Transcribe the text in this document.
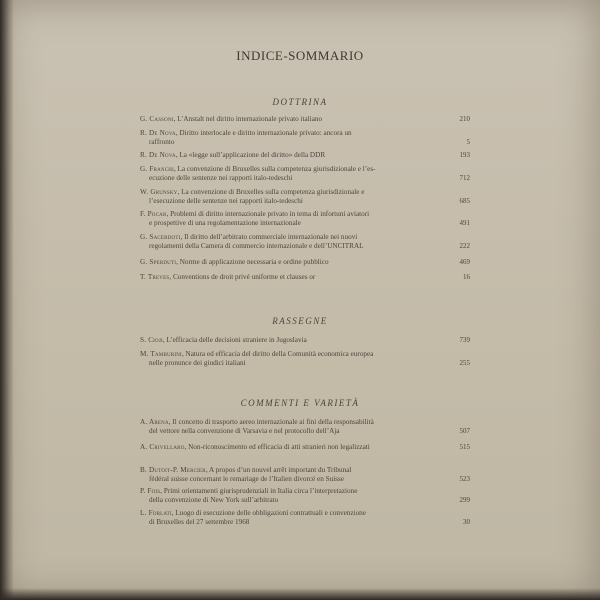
INDICE-SOMMARIO
DOTTRINA
G. Cassoni, L’Anstalt nel diritto internazionale privato italiano	210
R. De Nova, Diritto interlocale e diritto internazionale privato: ancora un
raffronto	5
R. De Nova, La «legge sull’applicazione del diritto» della DDR	193
G. Franchi, La convenzione di Bruxelles sulla competenza giurisdizionale e l’es-
ecuzione delle sentenze nei rapporti italo-tedeschi	712
W. Grunsky, La convenzione di Bruxelles sulla competenza giurisdizionale e
l’esecuzione delle sentenze nei rapporti italo-tedeschi	685
F. Pocar, Problemi di diritto internazionale privato in tema di infortuni aviatori
e prospettive di una regolamentazione internazionale	491
G. Sacerdoti, Il diritto dell’arbitrato commerciale internazionale nei nuovi
regolamenti della Camera di commercio internazionale e dell’UNCITRAL	222
G. Sperduti, Norme di applicazione necessaria e ordine pubblico	469
T. Treves, Conventions de droit privé uniforme et clauses or	16
RASSEGNE
S. Cioji, L’efficacia delle decisioni straniere in Jugoslavia	739
M. Tamburini, Natura ed efficacia del diritto della Comunità economica europea
nelle pronunce dei giudici italiani	255
COMMENTI E VARIETÀ
A. Arena, Il concetto di trasporto aereo internazionale ai fini della responsabilità
del vettore nella convenzione di Varsavia e nel protocollo dell’Aja	507
A. Crivellaro, Non-riconoscimento ed efficacia di atti stranieri non legalizzati	515
B. Dutoit-P. Mercier, A propos d’un nouvel arrêt important du Tribunal
fédéral suisse concernant le remariage de l’Italien divorcé en Suisse	523
P. Fois, Primi orientamenti giurisprudenziali in Italia circa l’interpretazione
della convenzione di New York sull’arbitrato	299
L. Forlati, Luogo di esecuzione delle obbligazioni contrattuali e convenzione
di Bruxelles del 27 settembre 1968	30
